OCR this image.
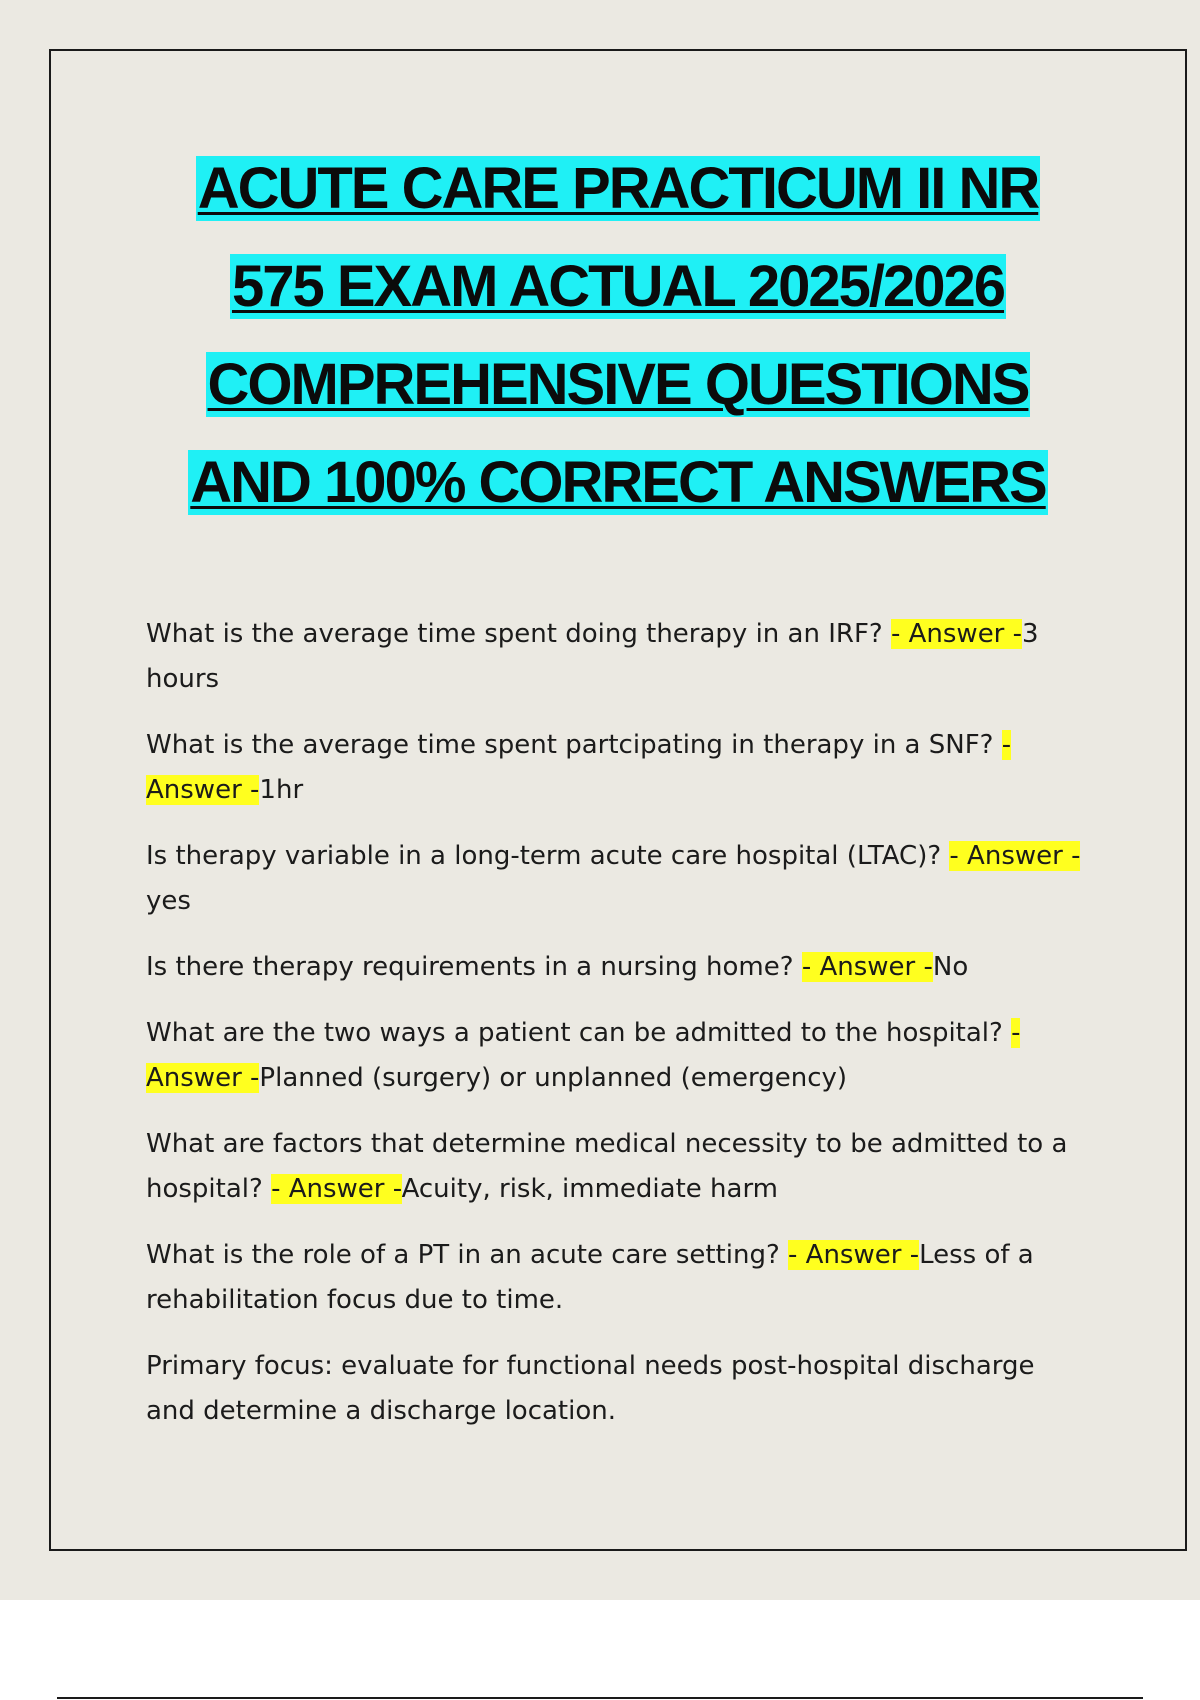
ACUTE CARE PRACTICUM II NR
575 EXAM ACTUAL 2025/2026
COMPREHENSIVE QUESTIONS
AND 100% CORRECT ANSWERS

What is the average time spent doing therapy in an IRF? - Answer -3 hours

What is the average time spent partcipating in therapy in a SNF? - Answer -1hr

Is therapy variable in a long-term acute care hospital (LTAC)? - Answer - yes

Is there therapy requirements in a nursing home? - Answer -No

What are the two ways a patient can be admitted to the hospital? - Answer -Planned (surgery) or unplanned (emergency)

What are factors that determine medical necessity to be admitted to a hospital? - Answer -Acuity, risk, immediate harm

What is the role of a PT in an acute care setting? - Answer -Less of a rehabilitation focus due to time.

Primary focus: evaluate for functional needs post-hospital discharge and determine a discharge location.
